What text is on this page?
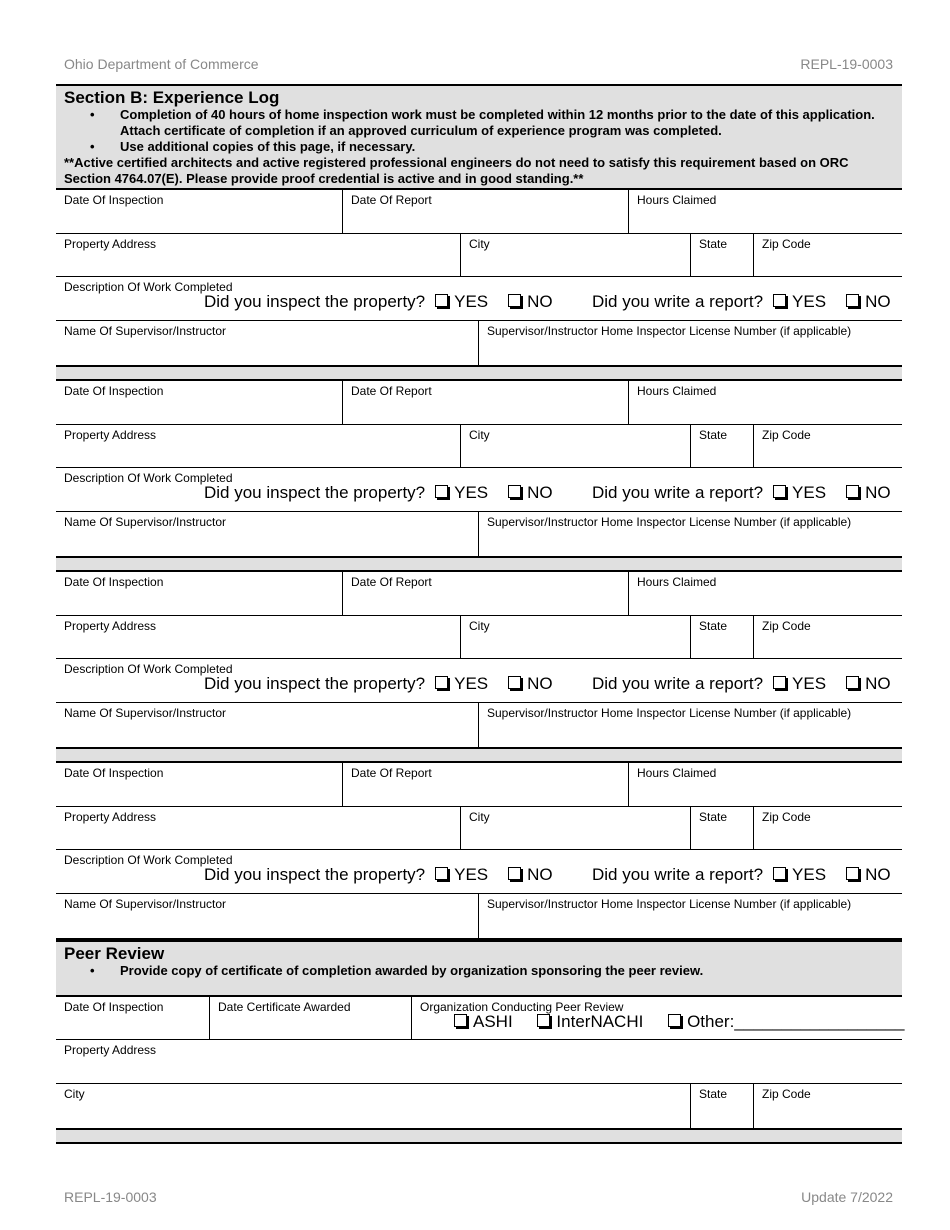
Ohio Department of Commerce	REPL-19-0003
Section B: Experience Log
• Completion of 40 hours of home inspection work must be completed within 12 months prior to the date of this application. Attach certificate of completion if an approved curriculum of experience program was completed.
• Use additional copies of this page, if necessary.
**Active certified architects and active registered professional engineers do not need to satisfy this requirement based on ORC Section 4764.07(E). Please provide proof credential is active and in good standing.**
Date Of Inspection	Date Of Report	Hours Claimed
Property Address	City	State	Zip Code
Description Of Work Completed
Did you inspect the property? YES NO Did you write a report? YES NO
Name Of Supervisor/Instructor	Supervisor/Instructor Home Inspector License Number (if applicable)
Date Of Inspection	Date Of Report	Hours Claimed
Property Address	City	State	Zip Code
Description Of Work Completed
Did you inspect the property? YES NO Did you write a report? YES NO
Name Of Supervisor/Instructor	Supervisor/Instructor Home Inspector License Number (if applicable)
Date Of Inspection	Date Of Report	Hours Claimed
Property Address	City	State	Zip Code
Description Of Work Completed
Did you inspect the property? YES NO Did you write a report? YES NO
Name Of Supervisor/Instructor	Supervisor/Instructor Home Inspector License Number (if applicable)
Date Of Inspection	Date Of Report	Hours Claimed
Property Address	City	State	Zip Code
Description Of Work Completed
Did you inspect the property? YES NO Did you write a report? YES NO
Name Of Supervisor/Instructor	Supervisor/Instructor Home Inspector License Number (if applicable)
Peer Review
• Provide copy of certificate of completion awarded by organization sponsoring the peer review.
Date Of Inspection	Date Certificate Awarded	Organization Conducting Peer Review
ASHI	InterNACHI	Other:__________________
Property Address
City	State	Zip Code
REPL-19-0003	Update 7/2022
